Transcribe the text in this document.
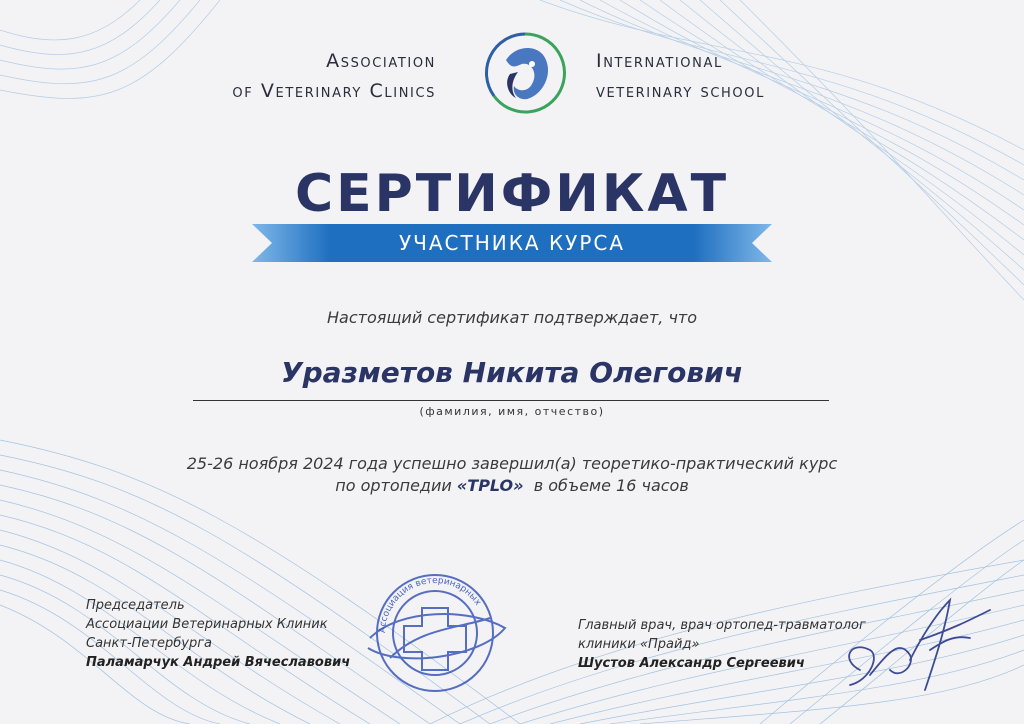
Association
of Veterinary Clinics
International
veterinary school
СЕРТИФИКАТ
УЧАСТНИКА КУРСА
Настоящий сертификат подтверждает, что
Уразметов Никита Олегович
(фамилия, имя, отчество)
25-26 ноября 2024 года успешно завершил(а) теоретико-практический курс
по ортопедии «TPLO»  в объеме 16 часов
Председатель
Ассоциации Ветеринарных Клиник
Санкт-Петербурга
Паламарчук Андрей Вячеславович
Ассоциация ветеринарных
Главный врач, врач ортопед-травматолог
клиники «Прайд»
Шустов Александр Сергеевич
